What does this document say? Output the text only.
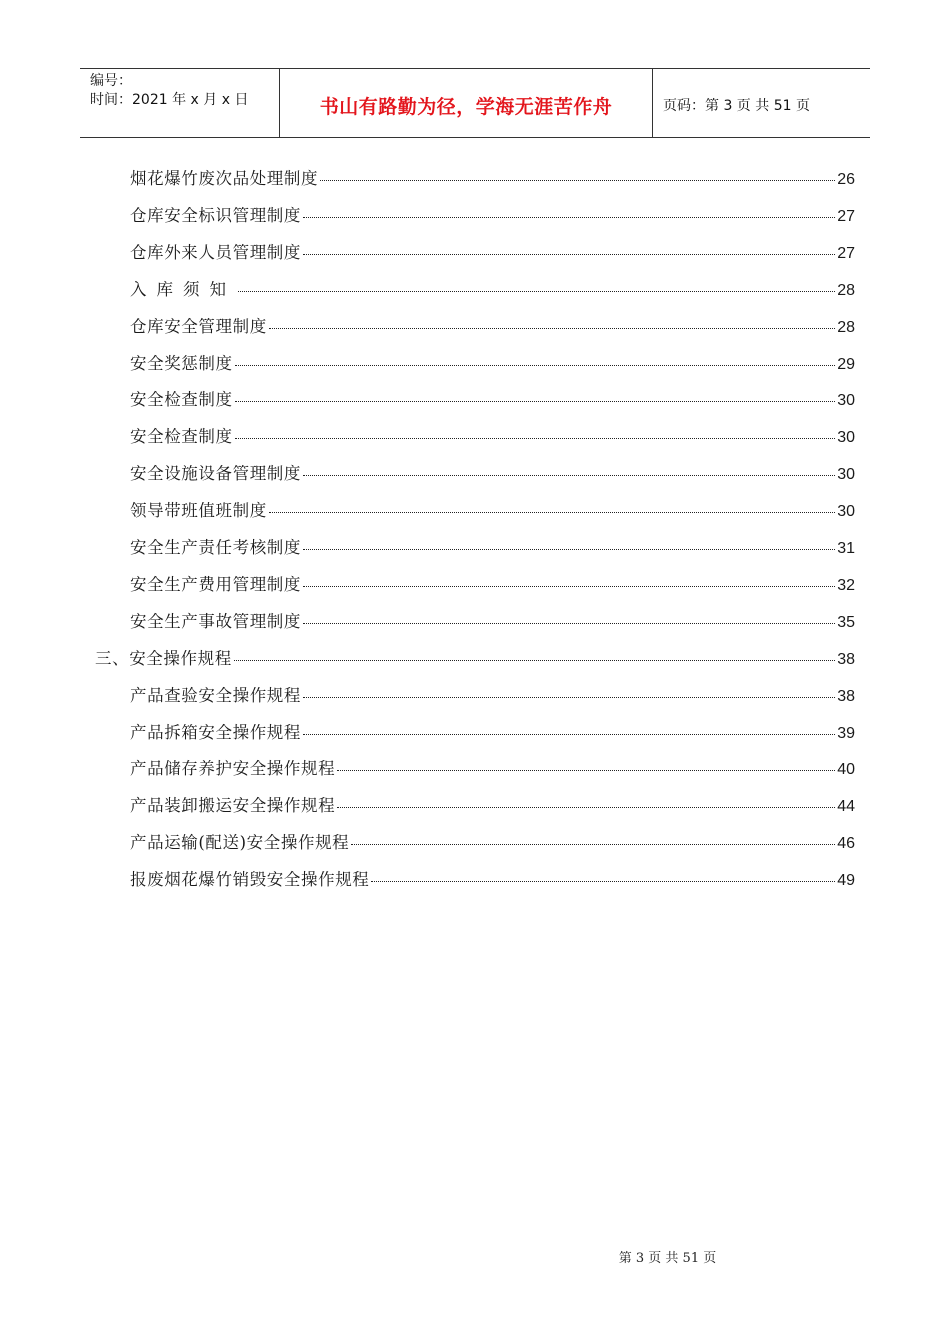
编号：
时间：2021 年 x 月 x 日	书山有路勤为径，学海无涯苦作舟	页码：第 3 页 共 51 页
烟花爆竹废次品处理制度	26
仓库安全标识管理制度	27
仓库外来人员管理制度	27
入库须知	28
仓库安全管理制度	28
安全奖惩制度	29
安全检查制度	30
安全检查制度	30
安全设施设备管理制度	30
领导带班值班制度	30
安全生产责任考核制度	31
安全生产费用管理制度	32
安全生产事故管理制度	35
三、安全操作规程	38
产品查验安全操作规程	38
产品拆箱安全操作规程	39
产品储存养护安全操作规程	40
产品装卸搬运安全操作规程	44
产品运输(配送)安全操作规程	46
报废烟花爆竹销毁安全操作规程	49
第 3 页 共 51 页
